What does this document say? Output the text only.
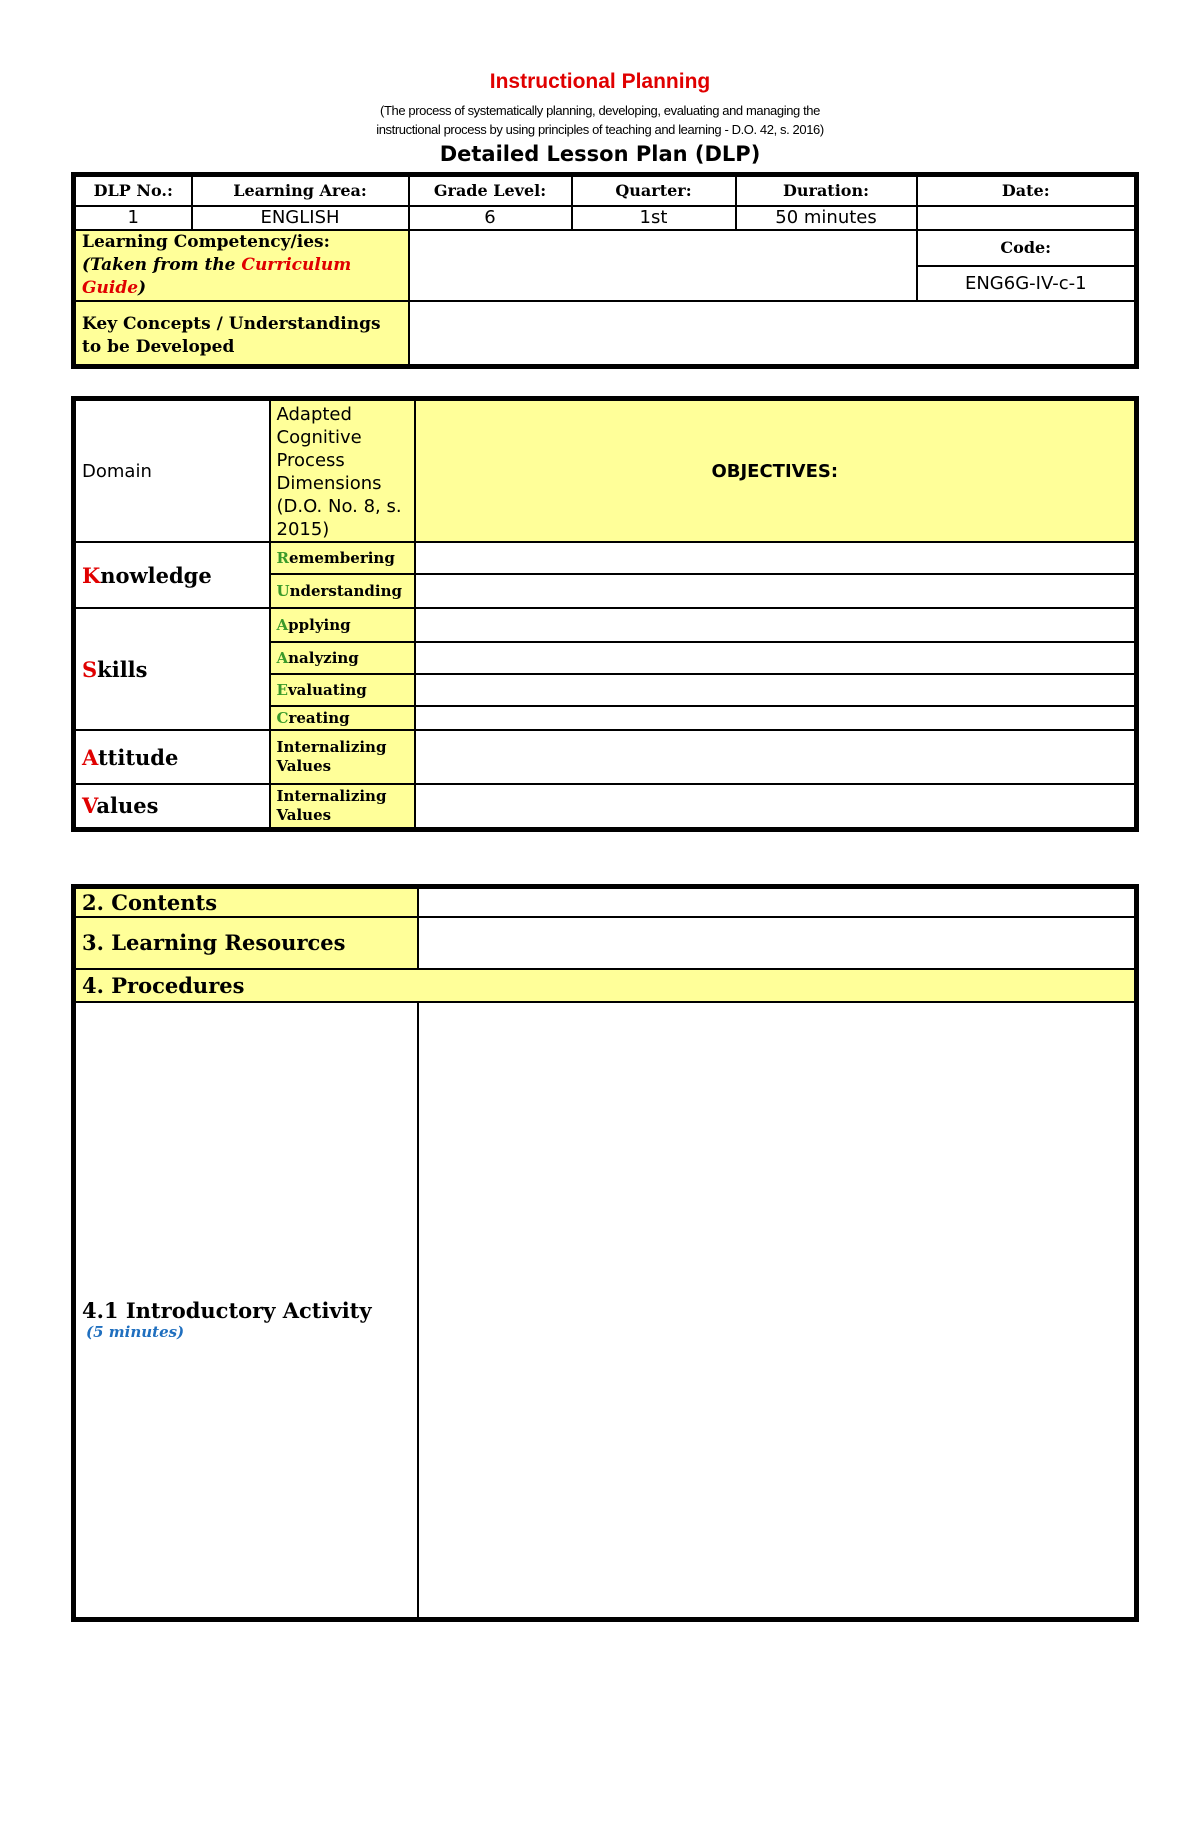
Instructional Planning
(The process of systematically planning, developing, evaluating and managing the
instructional process by using principles of teaching and learning - D.O. 42, s. 2016)
Detailed Lesson Plan (DLP)
DLP No.:	Learning Area:	Grade Level:	Quarter:	Duration:	Date:
1	ENGLISH	6	1st	50 minutes	

Learning Competency/ies:
(Taken from the Curriculum Guide)					Code:
					ENG6G-IV-c-1
Key Concepts / Understandings to be Developed					
Domain	Adapted Cognitive Process Dimensions (D.O. No. 8, s. 2015)	OBJECTIVES:
Knowledge	Remembering	
	Understanding	
Skills	Applying	
	Analyzing	
	Evaluating	
	Creating	
Attitude	Internalizing Values	
Values	Internalizing Values	
2. Contents	
3. Learning Resources	
4. Procedures	

4.1 Introductory Activity
(5 minutes)	
